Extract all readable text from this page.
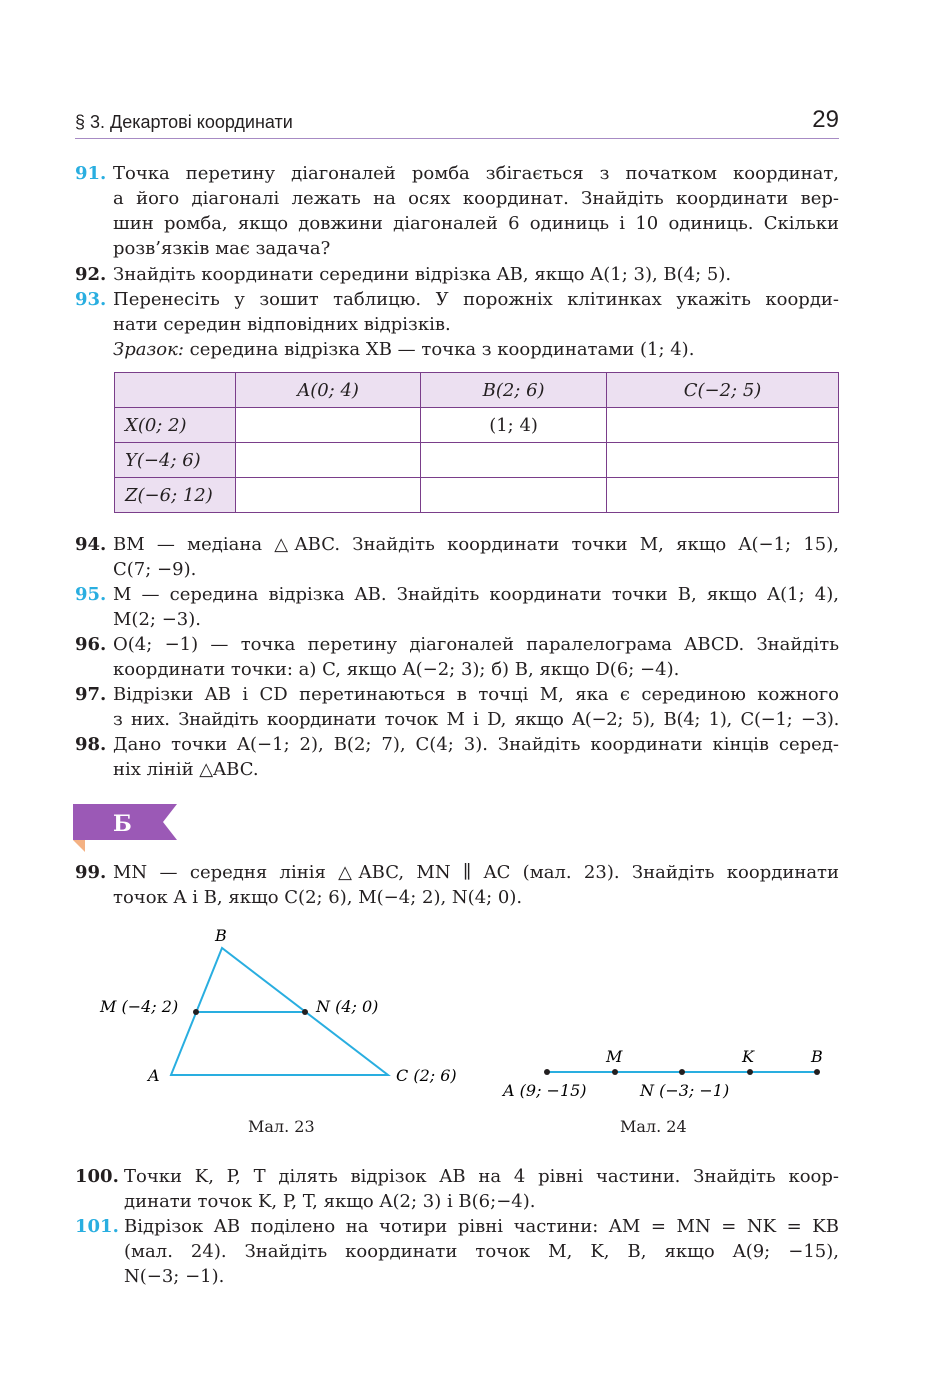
§ 3. Декартові координати	29
91. Точка перетину діагоналей ромба збігається з початком координат,
а його діагоналі лежать на осях координат. Знайдіть координати вер-
шин ромба, якщо довжини діагоналей 6 одиниць і 10 одиниць. Скільки
розв’язків має задача?
92. Знайдіть координати середини відрізка AB, якщо A(1; 3), B(4; 5).
93. Перенесіть у зошит таблицю. У порожніх клітинках укажіть коорди-
нати середин відповідних відрізків.
Зразок: середина відрізка XB — точка з координатами (1; 4).
	A(0; 4)	B(2; 6)	C(−2; 5)
X(0; 2)		(1; 4)	
Y(−4; 6)			
Z(−6; 12)			
94. BM — медіана △ABC. Знайдіть координати точки M, якщо A(−1; 15),
C(7; −9).
95. M — середина відрізка AB. Знайдіть координати точки B, якщо A(1; 4),
M(2; −3).
96. O(4; −1) — точка перетину діагоналей паралелограма ABCD. Знайдіть
координати точки: а) C, якщо A(−2; 3); б) B, якщо D(6; −4).
97. Відрізки AB і CD перетинаються в точці M, яка є серединою кожного
з них. Знайдіть координати точок M і D, якщо A(−2; 5), B(4; 1), C(−1; −3).
98. Дано точки A(−1; 2), B(2; 7), C(4; 3). Знайдіть координати кінців серед-
ніх ліній △ABC.
Б
99. MN — середня лінія △ABC, MN ∥ AC (мал. 23). Знайдіть координати
точок A і B, якщо C(2; 6), M(−4; 2), N(4; 0).
B
M (−4; 2)	N (4; 0)
A	C (2; 6)
Мал. 23
M	K	B
A (9; −15)	N (−3; −1)
Мал. 24
100. Точки K, P, T ділять відрізок AB на 4 рівні частини. Знайдіть коор-
динати точок K, P, T, якщо A(2; 3) і B(6;−4).
101. Відрізок AB поділено на чотири рівні частини: AM = MN = NK = KB
(мал. 24). Знайдіть координати точок M, K, B, якщо A(9; −15),
N(−3; −1).
